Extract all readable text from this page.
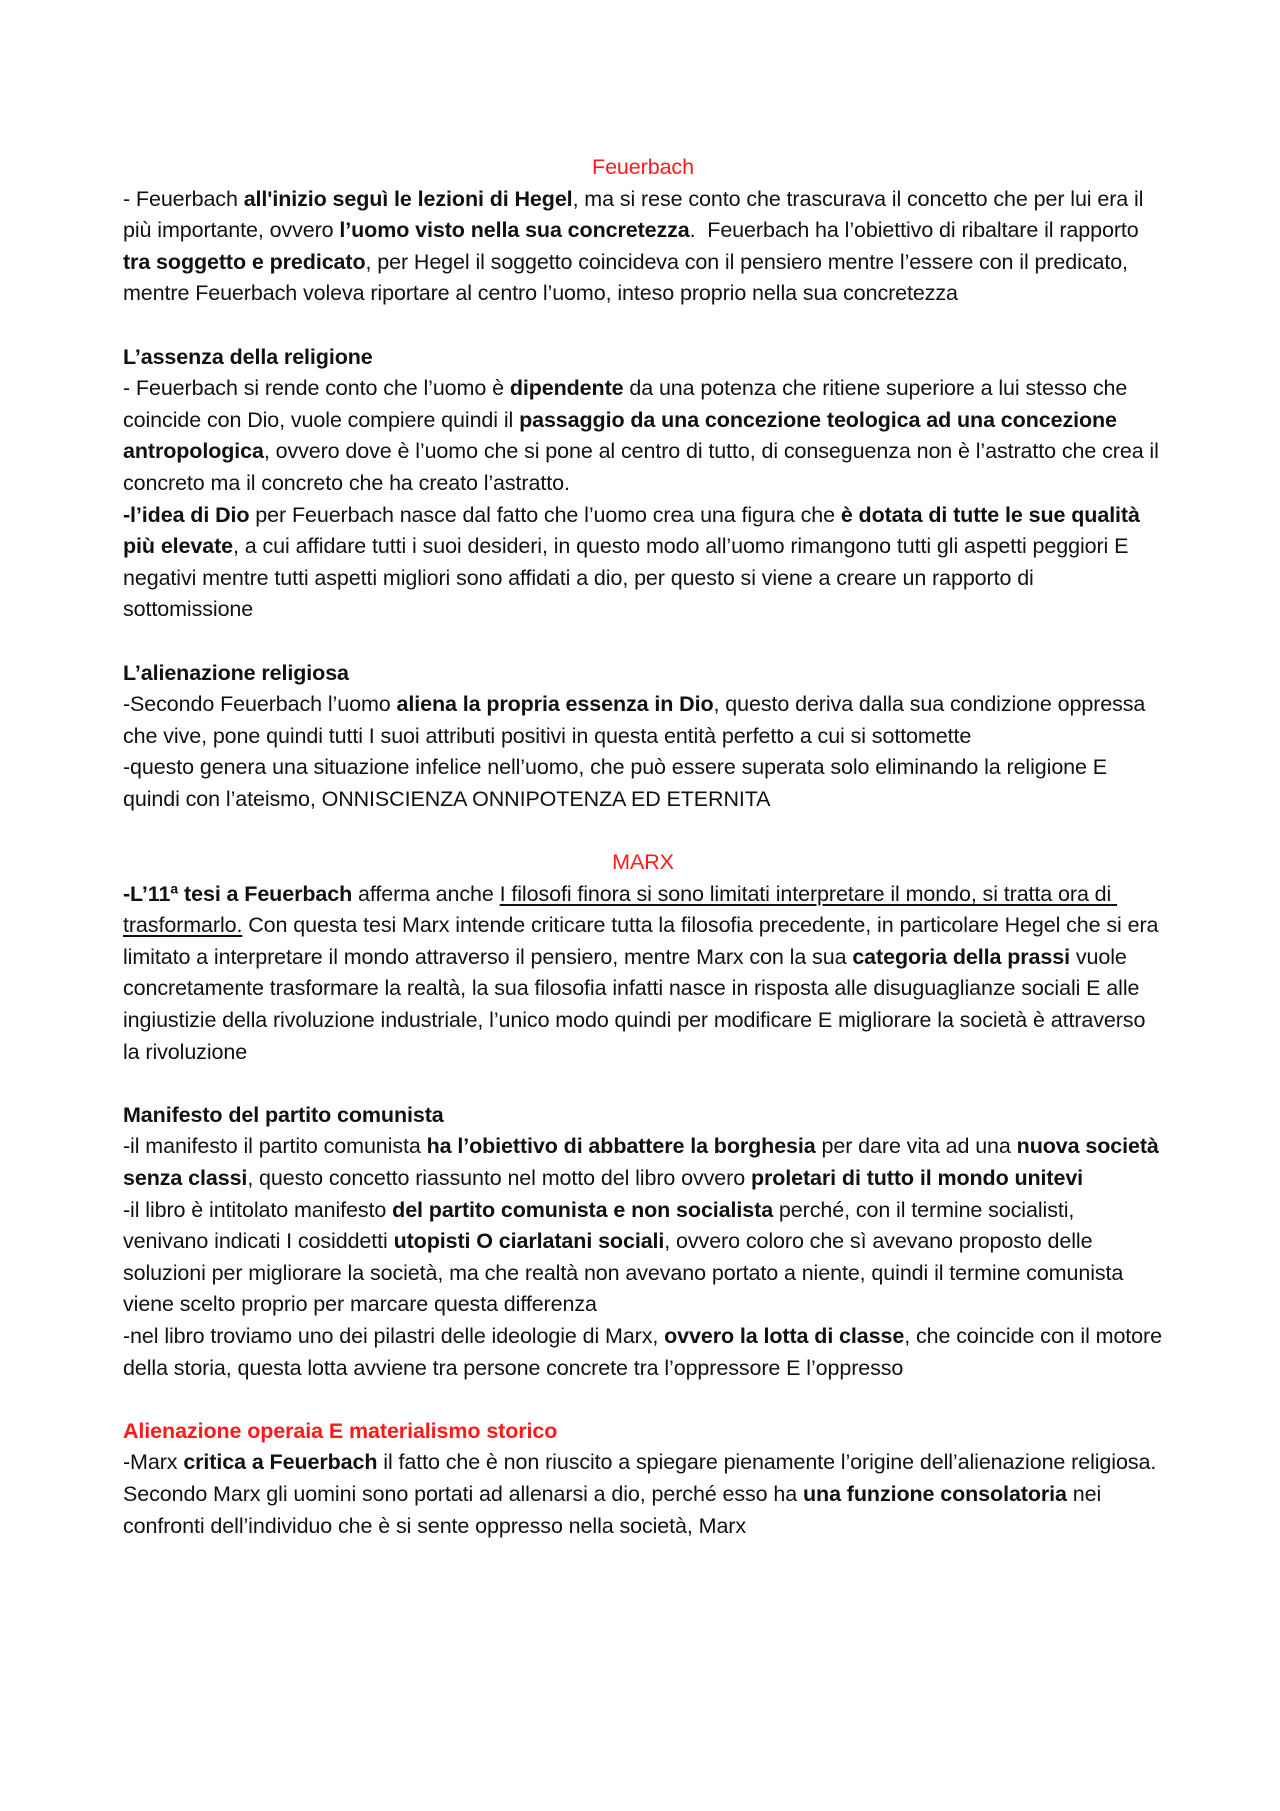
Feuerbach

- Feuerbach all'inizio seguì le lezioni di Hegel, ma si rese conto che trascurava il concetto che per lui era il più importante, ovvero l’uomo visto nella sua concretezza.  Feuerbach ha l’obiettivo di ribaltare il rapporto tra soggetto e predicato, per Hegel il soggetto coincideva con il pensiero mentre l’essere con il predicato, mentre Feuerbach voleva riportare al centro l’uomo, inteso proprio nella sua concretezza

L’assenza della religione

- Feuerbach si rende conto che l’uomo è dipendente da una potenza che ritiene superiore a lui stesso che coincide con Dio, vuole compiere quindi il passaggio da una concezione teologica ad una concezione antropologica, ovvero dove è l’uomo che si pone al centro di tutto, di conseguenza non è l’astratto che crea il concreto ma il concreto che ha creato l’astratto.

-l’idea di Dio per Feuerbach nasce dal fatto che l’uomo crea una figura che è dotata di tutte le sue qualità più elevate, a cui affidare tutti i suoi desideri, in questo modo all’uomo rimangono tutti gli aspetti peggiori E negativi mentre tutti aspetti migliori sono affidati a dio, per questo si viene a creare un rapporto di sottomissione

L’alienazione religiosa

-Secondo Feuerbach l’uomo aliena la propria essenza in Dio, questo deriva dalla sua condizione oppressa che vive, pone quindi tutti I suoi attributi positivi in questa entità perfetto a cui si sottomette

-questo genera una situazione infelice nell’uomo, che può essere superata solo eliminando la religione E quindi con l’ateismo, ONNISCIENZA ONNIPOTENZA ED ETERNITA

MARX

-L’11ª tesi a Feuerbach afferma anche I filosofi finora si sono limitati interpretare il mondo, si tratta ora di trasformarlo. Con questa tesi Marx intende criticare tutta la filosofia precedente, in particolare Hegel che si era limitato a interpretare il mondo attraverso il pensiero, mentre Marx con la sua categoria della prassi vuole concretamente trasformare la realtà, la sua filosofia infatti nasce in risposta alle disuguaglianze sociali E alle ingiustizie della rivoluzione industriale, l’unico modo quindi per modificare E migliorare la società è attraverso la rivoluzione

Manifesto del partito comunista

-il manifesto il partito comunista ha l’obiettivo di abbattere la borghesia per dare vita ad una nuova società senza classi, questo concetto riassunto nel motto del libro ovvero proletari di tutto il mondo unitevi

-il libro è intitolato manifesto del partito comunista e non socialista perché, con il termine socialisti, venivano indicati I cosiddetti utopisti O ciarlatani sociali, ovvero coloro che sì avevano proposto delle soluzioni per migliorare la società, ma che realtà non avevano portato a niente, quindi il termine comunista viene scelto proprio per marcare questa differenza

-nel libro troviamo uno dei pilastri delle ideologie di Marx, ovvero la lotta di classe, che coincide con il motore della storia, questa lotta avviene tra persone concrete tra l’oppressore E l’oppresso

Alienazione operaia E materialismo storico

-Marx critica a Feuerbach il fatto che è non riuscito a spiegare pienamente l’origine dell’alienazione religiosa. Secondo Marx gli uomini sono portati ad allenarsi a dio, perché esso ha una funzione consolatoria nei confronti dell’individuo che è si sente oppresso nella società, Marx
